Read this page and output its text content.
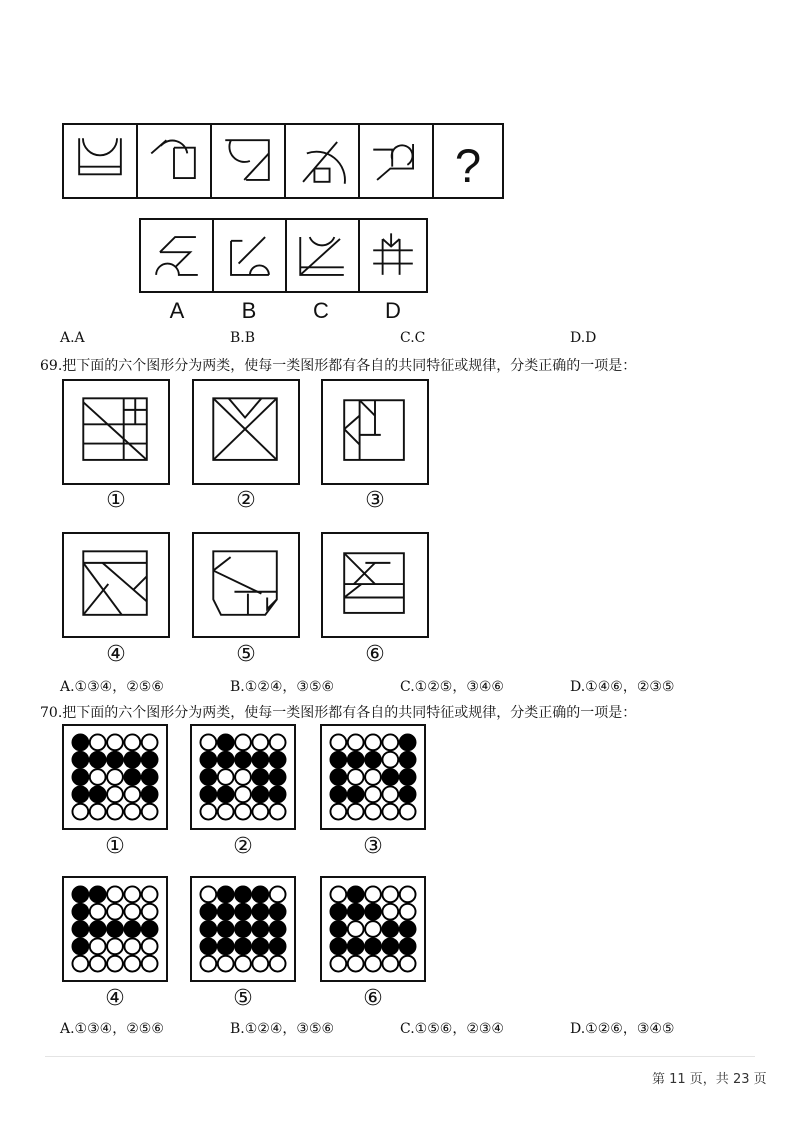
?
A	B	C	D
A.A	B.B	C.C	D.D
69.把下面的六个图形分为两类，使每一类图形都有各自的共同特征或规律，分类正确的一项是：
①	②	③
④	⑤	⑥
A.①③④，②⑤⑥	B.①②④，③⑤⑥	C.①②⑤，③④⑥	D.①④⑥，②③⑤
70.把下面的六个图形分为两类，使每一类图形都有各自的共同特征或规律，分类正确的一项是：
①	②	③
④	⑤	⑥
A.①③④，②⑤⑥	B.①②④，③⑤⑥	C.①⑤⑥，②③④	D.①②⑥，③④⑤
第 11 页，共 23 页
